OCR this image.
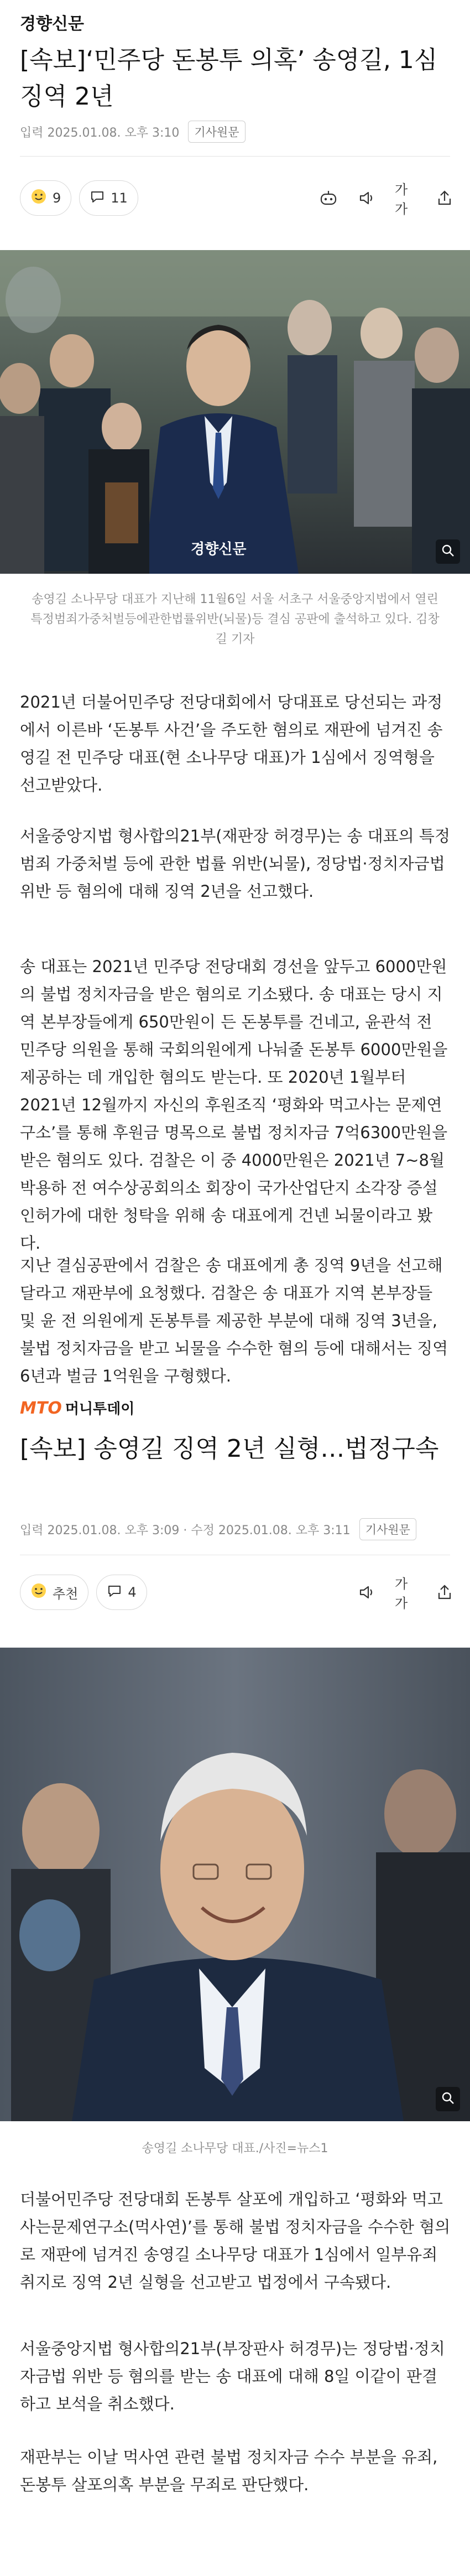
경향신문
[속보]‘민주당 돈봉투 의혹’ 송영길, 1심 징역 2년
입력 2025.01.08. 오후 3:10	기사원문
9	11
가가
경향신문
송영길 소나무당 대표가 지난해 11월6일 서울 서초구 서울중앙지법에서 열린 특정범죄가중처벌등에관한법률위반(뇌물)등 결심 공판에 출석하고 있다. 김창길 기자

2021년 더불어민주당 전당대회에서 당대표로 당선되는 과정에서 이른바 ‘돈봉투 사건’을 주도한 혐의로 재판에 넘겨진 송영길 전 민주당 대표(현 소나무당 대표)가 1심에서 징역형을 선고받았다.

서울중앙지법 형사합의21부(재판장 허경무)는 송 대표의 특정범죄 가중처벌 등에 관한 법률 위반(뇌물), 정당법·정치자금법 위반 등 혐의에 대해 징역 2년을 선고했다.

송 대표는 2021년 민주당 전당대회 경선을 앞두고 6000만원의 불법 정치자금을 받은 혐의로 기소됐다. 송 대표는 당시 지역 본부장들에게 650만원이 든 돈봉투를 건네고, 윤관석 전 민주당 의원을 통해 국회의원에게 나눠줄 돈봉투 6000만원을 제공하는 데 개입한 혐의도 받는다. 또 2020년 1월부터 2021년 12월까지 자신의 후원조직 ‘평화와 먹고사는 문제연구소’를 통해 후원금 명목으로 불법 정치자금 7억6300만원을 받은 혐의도 있다. 검찰은 이 중 4000만원은 2021년 7~8월 박용하 전 여수상공회의소 회장이 국가산업단지 소각장 증설 인허가에 대한 청탁을 위해 송 대표에게 건넨 뇌물이라고 봤다.

지난 결심공판에서 검찰은 송 대표에게 총 징역 9년을 선고해달라고 재판부에 요청했다. 검찰은 송 대표가 지역 본부장들 및 윤 전 의원에게 돈봉투를 제공한 부분에 대해 징역 3년을, 불법 정치자금을 받고 뇌물을 수수한 혐의 등에 대해서는 징역 6년과 벌금 1억원을 구형했다.

MTO 머니투데이
[속보] 송영길 징역 2년 실형…법정구속
입력 2025.01.08. 오후 3:09 · 수정 2025.01.08. 오후 3:11	기사원문
추천	4
가가
송영길 소나무당 대표./사진=뉴스1

더불어민주당 전당대회 돈봉투 살포에 개입하고 ‘평화와 먹고사는문제연구소(먹사연)’를 통해 불법 정치자금을 수수한 혐의로 재판에 넘겨진 송영길 소나무당 대표가 1심에서 일부유죄 취지로 징역 2년 실형을 선고받고 법정에서 구속됐다.

서울중앙지법 형사합의21부(부장판사 허경무)는 정당법·정치자금법 위반 등 혐의를 받는 송 대표에 대해 8일 이같이 판결하고 보석을 취소했다.

재판부는 이날 먹사연 관련 불법 정치자금 수수 부분을 유죄, 돈봉투 살포의혹 부분을 무죄로 판단했다.
